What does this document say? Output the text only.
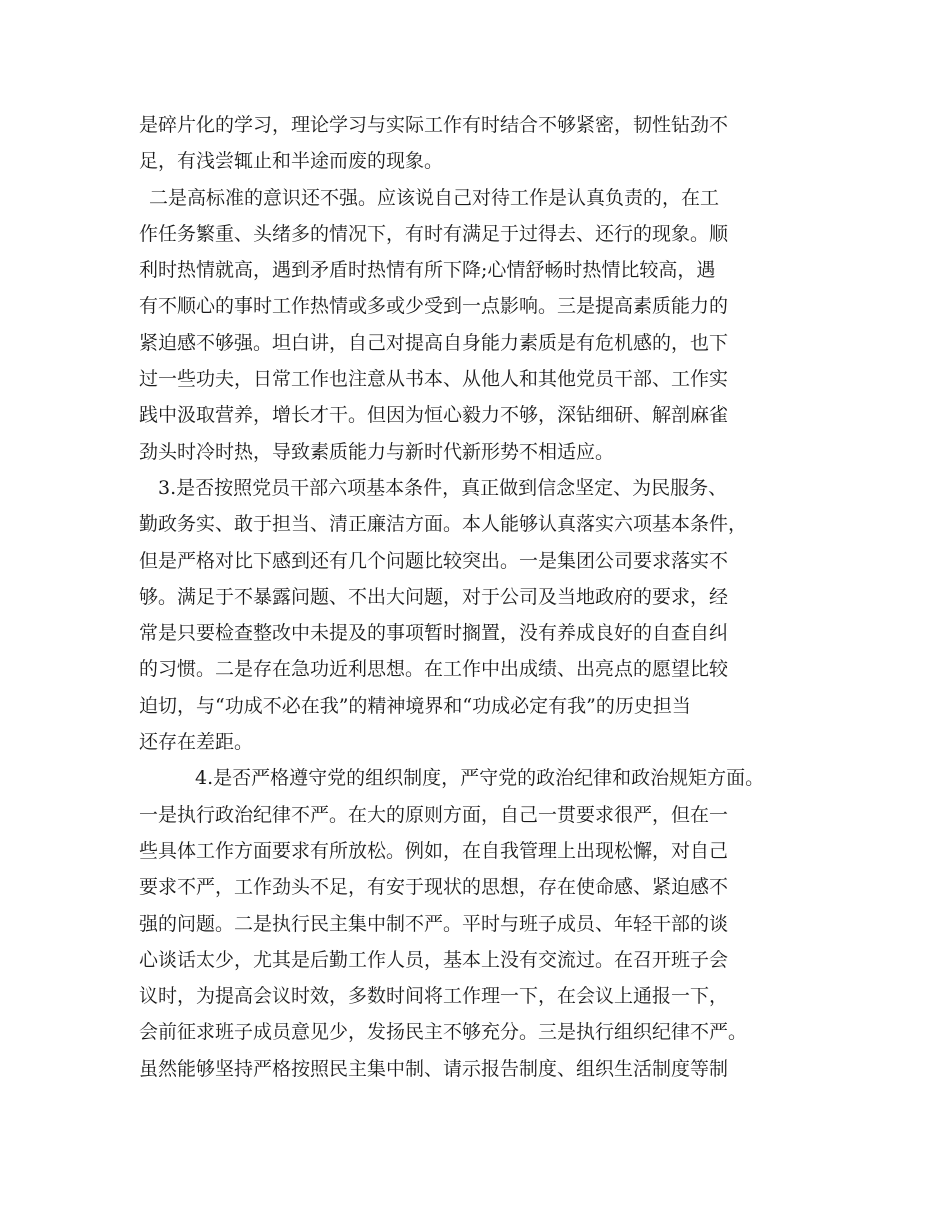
是碎片化的学习，理论学习与实际工作有时结合不够紧密，韧性钻劲不
足，有浅尝辄止和半途而废的现象。
二是高标准的意识还不强。应该说自己对待工作是认真负责的，在工
作任务繁重、头绪多的情况下，有时有满足于过得去、还行的现象。顺
利时热情就高，遇到矛盾时热情有所下降;心情舒畅时热情比较高，遇
有不顺心的事时工作热情或多或少受到一点影响。三是提高素质能力的
紧迫感不够强。坦白讲，自己对提高自身能力素质是有危机感的，也下
过一些功夫，日常工作也注意从书本、从他人和其他党员干部、工作实
践中汲取营养，增长才干。但因为恒心毅力不够，深钻细研、解剖麻雀
劲头时冷时热，导致素质能力与新时代新形势不相适应。
3.是否按照党员干部六项基本条件，真正做到信念坚定、为民服务、
勤政务实、敢于担当、清正廉洁方面。本人能够认真落实六项基本条件，
但是严格对比下感到还有几个问题比较突出。一是集团公司要求落实不
够。满足于不暴露问题、不出大问题，对于公司及当地政府的要求，经
常是只要检查整改中未提及的事项暂时搁置，没有养成良好的自查自纠
的习惯。二是存在急功近利思想。在工作中出成绩、出亮点的愿望比较
迫切，与“功成不必在我”的精神境界和“功成必定有我”的历史担当
还存在差距。
4.是否严格遵守党的组织制度，严守党的政治纪律和政治规矩方面。
一是执行政治纪律不严。在大的原则方面，自己一贯要求很严，但在一
些具体工作方面要求有所放松。例如，在自我管理上出现松懈，对自己
要求不严，工作劲头不足，有安于现状的思想，存在使命感、紧迫感不
强的问题。二是执行民主集中制不严。平时与班子成员、年轻干部的谈
心谈话太少，尤其是后勤工作人员，基本上没有交流过。在召开班子会
议时，为提高会议时效，多数时间将工作理一下，在会议上通报一下，
会前征求班子成员意见少，发扬民主不够充分。三是执行组织纪律不严。
虽然能够坚持严格按照民主集中制、请示报告制度、组织生活制度等制
